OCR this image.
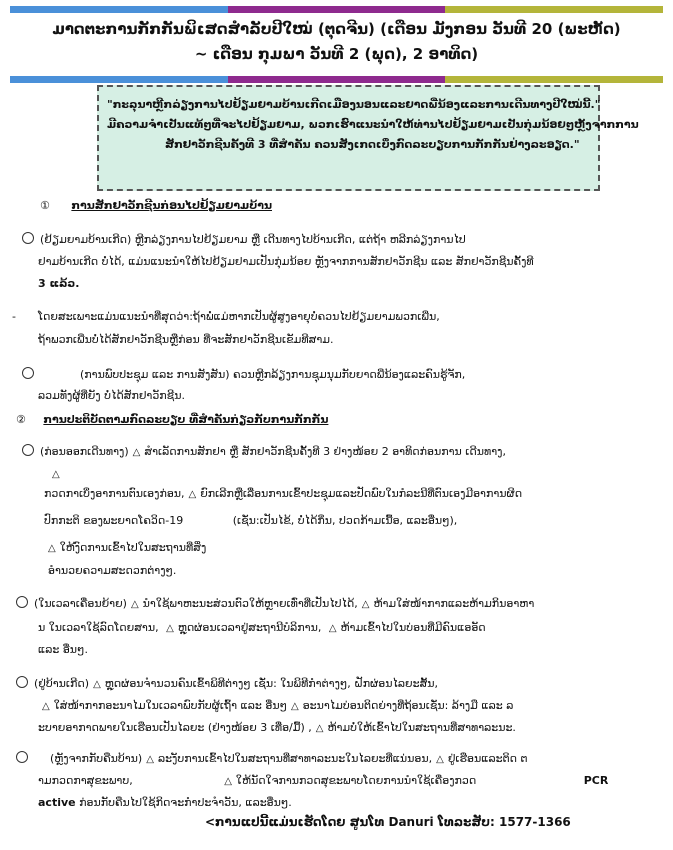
ມາດຕະການກັກກັນພິເສດສຳລັບປີໃໝ່ (ຕຸດຈີນ) (ເດືອນ ມັງກອນ ວັນທີ 20 (ພະຫັດ)
~ ເດືອນ ກຸມພາ ວັນທີ 2 (ພຸດ), 2 ອາທິດ)
"ກະລຸນາຫຼີກລ່ຽງການໄປຢ້ຽມຍາມບ້ານເກີດເມືອງນອນແລະຍາດພີ່ນ້ອງແລະການເດີນທາງປີໃໝ່ນີ້."
ມີຄວາມຈຳເປັນແທ້ໆທີ່ຈະໄປຢ້ຽມຍາມ, ພວກເຮົາແນະນຳໃຫ້ທ່ານໄປຢ້ຽມຍາມເປັນກຸ່ມນ້ອຍໆຫຼັງຈາກການ
ສັກຢາວັກຊີນຄັ້ງທີ 3 ທີ່ສຳຄັນ ຄວນສັງເກດເບິ່ງກົດລະບຽບການກັກກັນຢ່າງລະອຽດ."
① ການສັກຢາວັກຊີນກ່ອນໄປຢ້ຽມຍາມບ້ານ
(ຢ້ຽມຍາມບ້ານເກີດ) ຫຼີກລ່ຽງການໄປຢ້ຽມຍາມ ຫຼື ເດີນທາງໄປບ້ານເກີດ, ແຕ່ຖ້າ ຫລີກລ່ຽງການໄປ
ຢາມບ້ານເກີດ ບໍ່ໄດ້, ແມ່ນແນະນຳໃຫ້ໄປຢ້ຽມຢາມເປັນກຸ່ມນ້ອຍ ຫຼັງຈາກການສັກຢາວັກຊີນ ແລະ ສັກຢາວັກຊີນຄັ້ງທີ
3 ແລ້ວ.
- ໂດຍສະເພາະແມ່ນແນະນຳທີ່ສຸດວ່າ:ຖ້າພໍ່ແມ່ຫາກເປັນຜູ້ສູງອາຍຸບໍ່ຄວນໄປຢ້ຽມຍາມພວກເພີ່ນ,
ຖ້າພວກເພີ່ນບໍ່ໄດ້ສັກຢາວັກຊີນຫຼືກ່ອນ ທີ່ຈະສັກຢາວັກຊີນເຂັມທີສາມ.
(ການພົບປະຊຸມ ແລະ ການສັງສັນ) ຄວນຫຼີກລ້ຽງການຊຸມນຸມກັບຍາດພີ່ນ້ອງແລະຄົນຮູ້ຈັກ,
ລວມທັງຜູ້ທີ່ຍັງ ບໍ່ໄດ້ສັກຢາວັກຊີນ.
② ການປະຕິບັດຕາມກົດລະບຽບ ທີ່ສຳຄັນກ່ຽວກັບການກັກກັນ
(ກ່ອນອອກເດີນທາງ) △ ສຳເລັດການສັກຢາ ຫຼື ສັກຢາວັກຊີນຄັ້ງທີ 3 ຢ່າງໜ້ອຍ 2 ອາທິດກ່ອນການ ເດີນທາງ,
△
ກວດກາເບິ່ງອາການຕົນເອງກ່ອນ, △ ຍົກເລີກຫຼືເລື່ອນການເຂົ້າປະຊຸມແລະປັດພົບໃນກໍລະນີທີ່ຕົນເອງມີອາການຜິດ
ປົກກະຕິ ຂອງພະຍາດໂຄວິດ-19	(ເຊັ່ນ:ເປັນໄຂ້, ບໍ່ໄດ້ກິ່ນ, ປວດກ້າມເນື້ອ, ແລະອື່ນໆ),
△ ໃຫ້ງົດການເຂົ້າໄປໃນສະຖານທີ່ສິ່ງ
ອຳນວຍຄວາມສະດວກຕ່າງໆ.
(ໃນເວລາເຄື່ອນຍ້າຍ) △ ນຳໃຊ້ພາຫະນະສ່ວນຕົວໃຫ້ຫຼາຍເທົ່າທີ່ເປັນໄປໄດ້, △ ຫ້າມໃສ່ໜ້າກາກແລະຫ້າມກິນອາຫາ
ນ ໃນເວລາໃຊ້ລົດໂດຍສານ, △ ຫຼຸດຜ່ອນເວລາຢູ່ສະຖານີບໍລິການ, △ ຫ້າມເຂົ້າໄປໃນບ່ອນທີ່ມີຄົນແອອັດ
ແລະ ອື່ນໆ.
(ຢູ່ບ້ານເກີດ) △ ຫຼຸດຜ່ອນຈຳນວນຄົນເຂົ້າພິທີຕ່າງໆ ເຊັ່ນ: ໃນພິທີກຳຕ່າງໆ, ຝັກຜ່ອນໄລຍະສັ້ນ,
△ ໃສ່ໜ້າກາກອະນາໄມໃນເວລາພົບກັບຜູ້ເຖົ້າ ແລະ ອື່ນໆ △ ອະນາໄມບ່ອນຕິດຍ່າງທີ່ຖ້ອນເຊັ່ນ: ລ້າງມື ແລະ ລ
ະບາຍອາກາດພາຍໃນເຮືອນເປັນໄລຍະ (ຢ່າງໜ້ອຍ 3 ເທື່ອ/ມື້) , △ ຫ້າມບໍ່ໃຫ້ເຂົ້າໄປໃນສະຖານທີ່ສາທາລະນະ.
(ຫຼັງຈາກກັບຄືນບ້ານ) △ ລະງັບການເຂົ້າໄປໃນສະຖານທີ່ສາທາລະນະໃນໄລຍະທີ່ແນ່ນອນ, △ ຢູ່ເຮືອນແລະຕິດ ຕ
າມກວດກາສຸຂະພາບ,	△ ໃຫ້ນັດໃຈການກວດສຸຂະພາບໂດຍການນຳໃຊ້ເຄື່ອງກວດ	PCR
active ກ່ອນກັບຄືນໄປໃຊ້ກິດຈະກຳປະຈຳວັນ, ແລະອື່ນໆ.
<ການແປນີ້ແມ່ນເຮັດໂດຍ ສູນໂທ Danuri ໂທລະສັບ: 1577-1366
